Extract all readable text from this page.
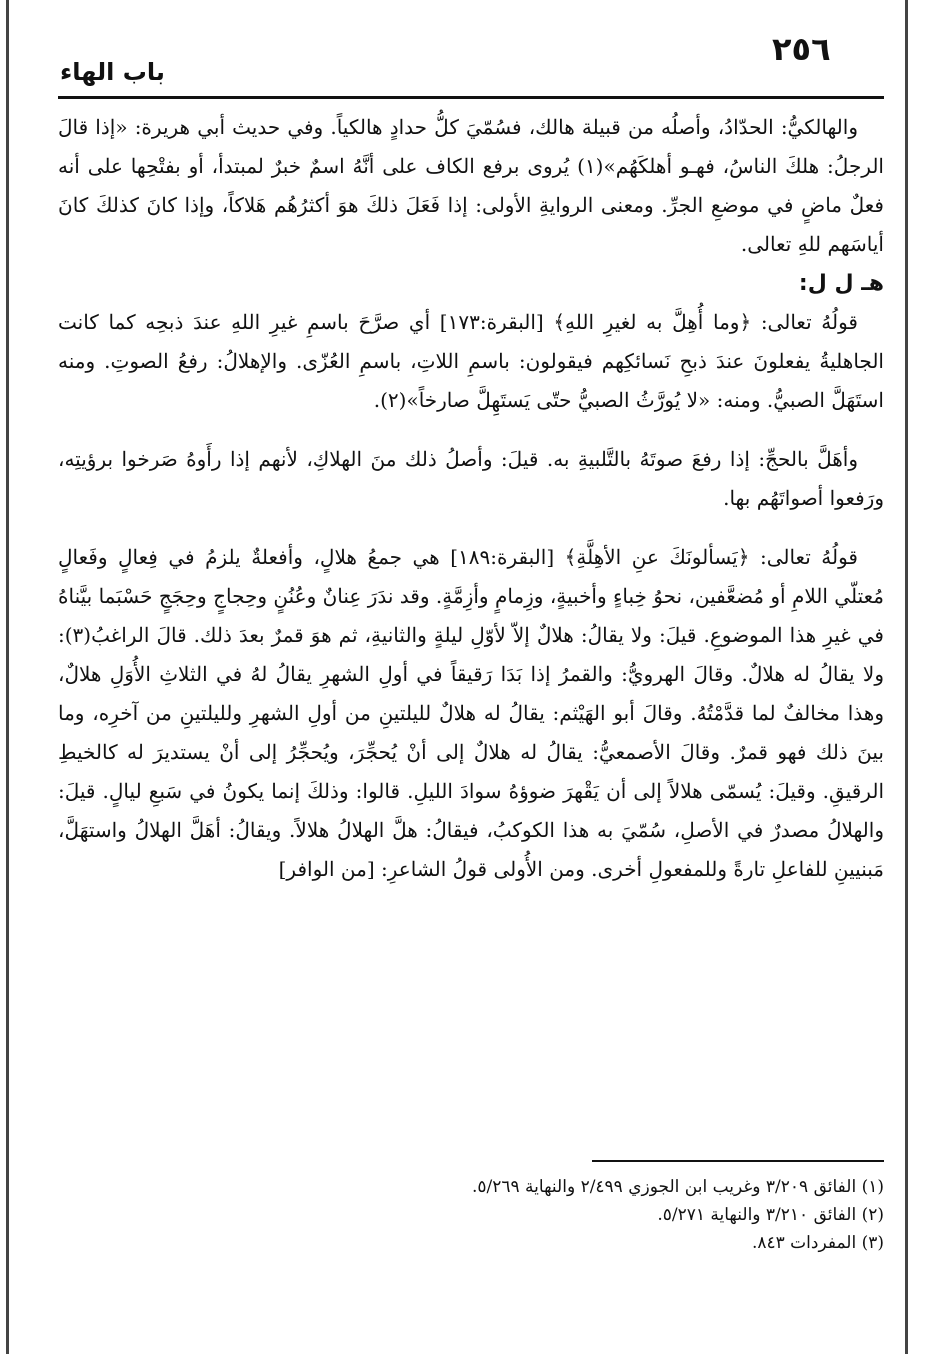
٢٥٦
باب الهاء

والهالكيُّ: الحدّادُ، وأصلُه من قبيلة هالك، فسُمّيَ كلُّ حدادٍ هالكياً. وفي حديث أبي هريرة: «إذا قالَ الرجلُ: هلكَ الناسُ، فهـو أهلكَهُم»(١) يُروى برفع الكاف على أنَّهُ اسمٌ خبرٌ لمبتدأ، أو بفتْحِها على أنه فعلٌ ماضٍ في موضعِ الجرِّ. ومعنى الروايةِ الأولى: إذا فَعَلَ ذلكَ هوَ أكثرُهُم هَلاكاً، وإذا كانَ كذلكَ كانَ أياسَهم للهِ تعالى.

هـ ل ل:

قولُهُ تعالى: ﴿وما أُهِلَّ به لغيرِ اللهِ﴾ [البقرة:١٧٣] أي صرَّحَ باسمِ غيرِ اللهِ عندَ ذبحِه كما كانت الجاهليةُ يفعلونَ عندَ ذبحِ نَسائكِهم فيقولون: باسمِ اللاتِ، باسمِ العُزّى. والإهلالُ: رفعُ الصوتِ. ومنه استَهَلَّ الصبيُّ. ومنه: «لا يُورَّثُ الصبيُّ حتّى يَستَهِلَّ صارخاً»(٢).

وأهَلَّ بالحجِّ: إذا رفعَ صوتَهُ بالتَّلبيةِ به. قيلَ: وأصلُ ذلك منَ الهلاكِ، لأنهم إذا رأَوهُ صَرخوا برؤيتِه، ورَفعوا أصواتَهُم بها.

قولُهُ تعالى: ﴿يَسألونَكَ عنِ الأهِلَّةِ﴾ [البقرة:١٨٩] هي جمعُ هلالٍ، وأفعلةٌ يلزمُ في فِعالٍ وفَعالٍ مُعتلّي اللامِ أو مُضعَّفين، نحوُ خِباءٍ وأخبيةٍ، وزِمامٍ وأزِمَّةٍ. وقد ندَرَ عِنانٌ وعُنُنٍ وحِجاجٍ وحِجَجٍ حَسْبَما بيَّناهُ في غيرِ هذا الموضوعِ. قيلَ: ولا يقالُ: هلالٌ إلاّ لأوّلِ ليلةٍ والثانيةِ، ثم هوَ قمرٌ بعدَ ذلك. قالَ الراغبُ(٣): ولا يقالُ له هلالٌ. وقالَ الهرويُّ: والقمرُ إذا بَدَا رَقيقاً في أولِ الشهرِ يقالُ لهُ في الثلاثِ الأُوَلِ هلالٌ، وهذا مخالفٌ لما قدَّمْتُهُ. وقالَ أبو الهَيْثم: يقالُ له هلالٌ لليلتينِ من أولِ الشهرِ ولليلتينِ من آخرِه، وما بينَ ذلك فهو قمرٌ. وقالَ الأصمعيُّ: يقالُ له هلالٌ إلى أنْ يُحجِّرَ، ويُحجِّرُ إلى أنْ يستديرَ له كالخيطِ الرقيقِ. وقيلَ: يُسمّى هلالاً إلى أن يَقْهرَ ضوؤهُ سوادَ الليلِ. قالوا: وذلكَ إنما يكونُ في سَبعِ ليالٍ. قيلَ: والهلالُ مصدرٌ في الأصلِ، سُمّيَ به هذا الكوكبُ، فيقالُ: هلَّ الهلالُ هلالاً. ويقالُ: أهَلَّ الهلالُ واستهَلَّ، مَبنيينِ للفاعلِ تارةً وللمفعولِ أخرى. ومن الأُولى قولُ الشاعرِ: [من الوافر]

(١) الفائق ٣/٢٠٩ وغريب ابن الجوزي ٢/٤٩٩ والنهاية ٥/٢٦٩.

(٢) الفائق ٣/٢١٠ والنهاية ٥/٢٧١.

(٣) المفردات ٨٤٣.
